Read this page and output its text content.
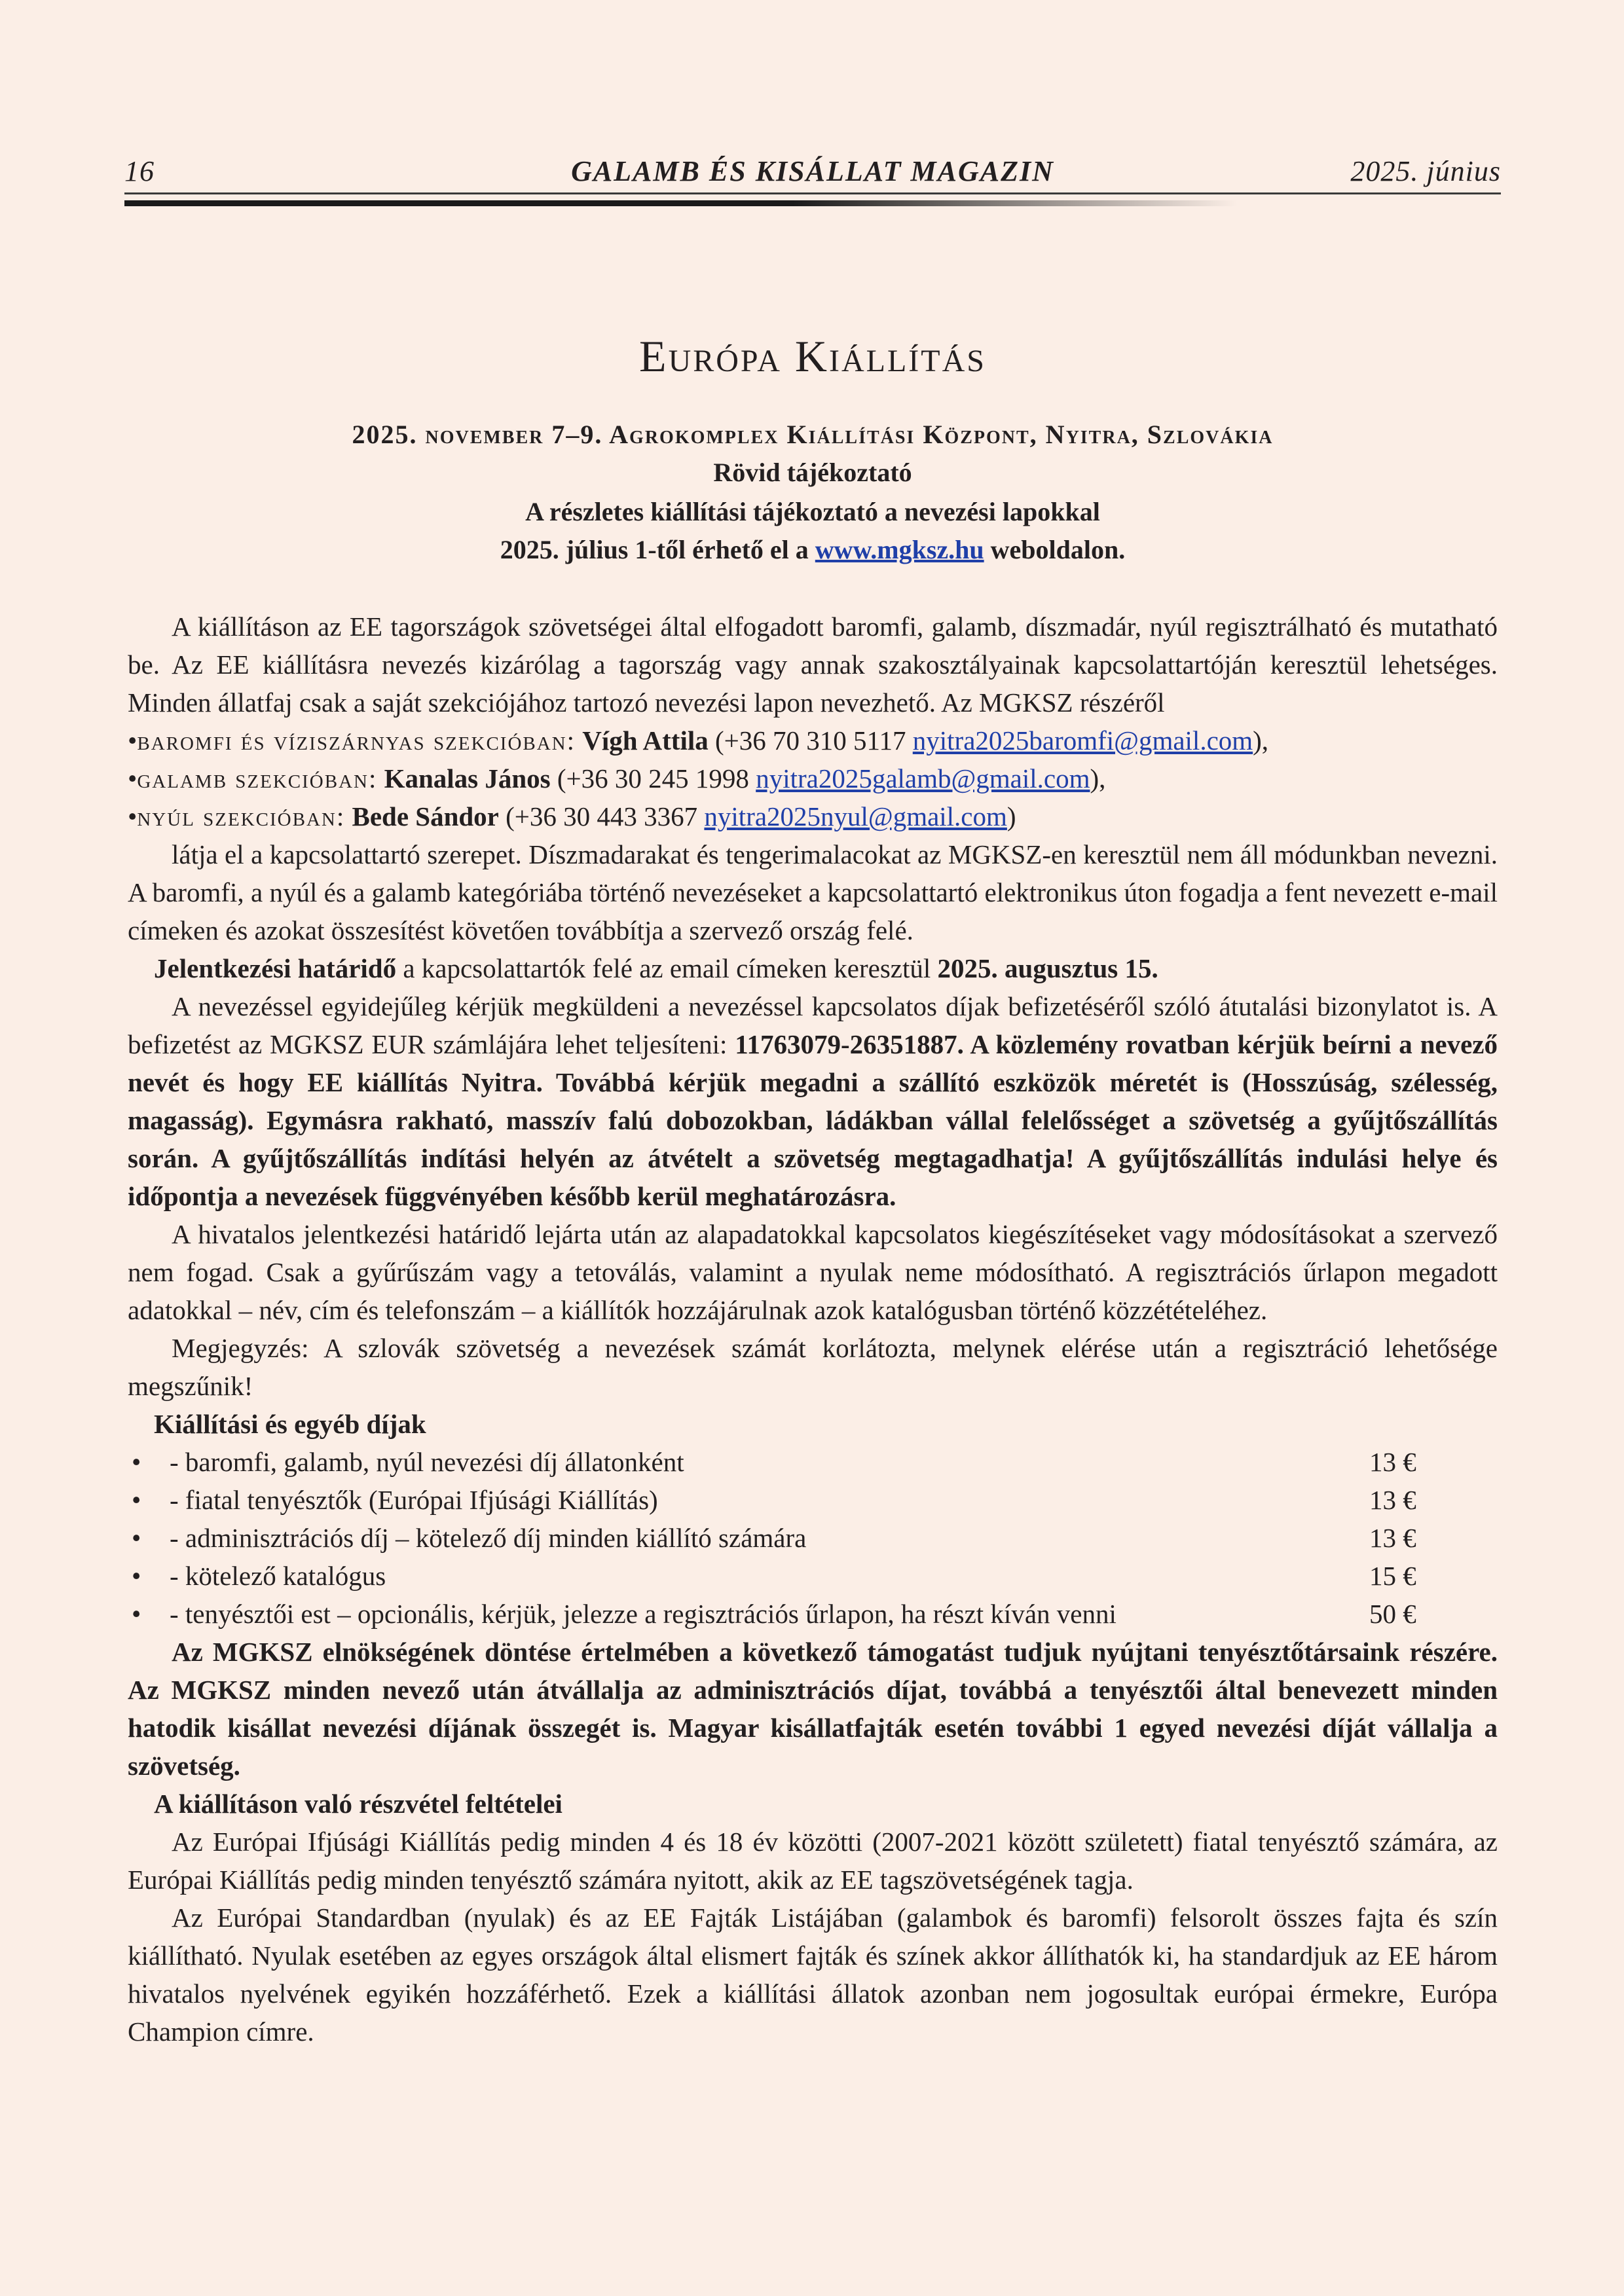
16	GALAMB ÉS KISÁLLAT MAGAZIN	2025. június
Európa Kiállítás
2025. november 7–9. Agrokomplex Kiállítási Központ, Nyitra, Szlovákia
Rövid tájékoztató
A részletes kiállítási tájékoztató a nevezési lapokkal
2025. július 1-től érhető el a www.mgksz.hu weboldalon.

A kiállításon az EE tagországok szövetségei által elfogadott baromfi, galamb, díszmadár, nyúl regisztrálható és mutatható be. Az EE kiállításra nevezés kizárólag a tagország vagy annak szakosztályainak kapcsolattartóján keresztül lehetséges. Minden állatfaj csak a saját szekciójához tartozó nevezési lapon nevezhető. Az MGKSZ részéről

•baromfi és víziszárnyas szekcióban: Vígh Attila (+36 70 310 5117 nyitra2025baromfi@gmail.com),

•galamb szekcióban: Kanalas János (+36 30 245 1998 nyitra2025galamb@gmail.com),

•nyúl szekcióban: Bede Sándor (+36 30 443 3367 nyitra2025nyul@gmail.com)

látja el a kapcsolattartó szerepet. Díszmadarakat és tengerimalacokat az MGKSZ-en keresztül nem áll módunkban nevezni. A baromfi, a nyúl és a galamb kategóriába történő nevezéseket a kapcsolattartó elektronikus úton fogadja a fent nevezett e-mail címeken és azokat összesítést követően továbbítja a szervező ország felé.

Jelentkezési határidő a kapcsolattartók felé az email címeken keresztül 2025. augusztus 15.

A nevezéssel egyidejűleg kérjük megküldeni a nevezéssel kapcsolatos díjak befizetéséről szóló átutalási bizonylatot is. A befizetést az MGKSZ EUR számlájára lehet teljesíteni: 11763079-26351887. A közlemény rovatban kérjük beírni a nevező nevét és hogy EE kiállítás Nyitra. Továbbá kérjük megadni a szállító eszközök méretét is (Hosszúság, szélesség, magasság). Egymásra rakható, masszív falú dobozokban, ládákban vállal felelősséget a szövetség a gyűjtőszállítás során. A gyűjtőszállítás indítási helyén az átvételt a szövetség megtagadhatja! A gyűjtőszállítás indulási helye és időpontja a nevezések függvényében később kerül meghatározásra.

A hivatalos jelentkezési határidő lejárta után az alapadatokkal kapcsolatos kiegészítéseket vagy módosításokat a szervező nem fogad. Csak a gyűrűszám vagy a tetoválás, valamint a nyulak neme módosítható. A regisztrációs űrlapon megadott adatokkal – név, cím és telefonszám – a kiállítók hozzájárulnak azok katalógusban történő közzétételéhez.

Megjegyzés: A szlovák szövetség a nevezések számát korlátozta, melynek elérése után a regisztráció lehetősége megszűnik!

Kiállítási és egyéb díjak

• - baromfi, galamb, nyúl nevezési díj állatonként	13 €
• - fiatal tenyésztők (Európai Ifjúsági Kiállítás)	13 €
• - adminisztrációs díj – kötelező díj minden kiállító számára	13 €
• - kötelező katalógus	15 €
• - tenyésztői est – opcionális, kérjük, jelezze a regisztrációs űrlapon, ha részt kíván venni	50 €

Az MGKSZ elnökségének döntése értelmében a következő támogatást tudjuk nyújtani tenyésztőtársaink részére. Az MGKSZ minden nevező után átvállalja az adminisztrációs díjat, továbbá a tenyésztői által benevezett minden hatodik kisállat nevezési díjának összegét is. Magyar kisállatfajták esetén további 1 egyed nevezési díját vállalja a szövetség.

A kiállításon való részvétel feltételei

Az Európai Ifjúsági Kiállítás pedig minden 4 és 18 év közötti (2007-2021 között született) fiatal tenyésztő számára, az Európai Kiállítás pedig minden tenyésztő számára nyitott, akik az EE tagszövetségének tagja.

Az Európai Standardban (nyulak) és az EE Fajták Listájában (galambok és baromfi) felsorolt összes fajta és szín kiállítható. Nyulak esetében az egyes országok által elismert fajták és színek akkor állíthatók ki, ha standardjuk az EE három hivatalos nyelvének egyikén hozzáférhető. Ezek a kiállítási állatok azonban nem jogosultak európai érmekre, Európa Champion címre.
